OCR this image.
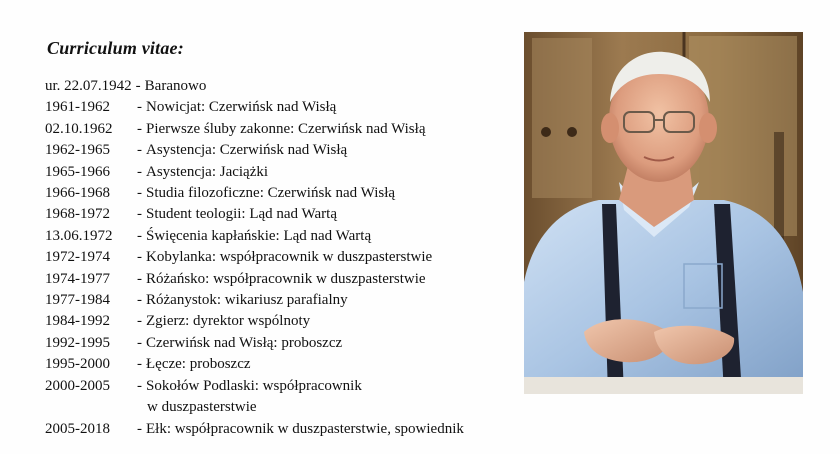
Curriculum vitae:
ur. 22.07.1942 - Baranowo
1961-1962	- Nowicjat: Czerwińsk nad Wisłą
02.10.1962	- Pierwsze śluby zakonne: Czerwińsk nad Wisłą
1962-1965	- Asystencja: Czerwińsk nad Wisłą
1965-1966	- Asystencja: Jaciążki
1966-1968	- Studia filozoficzne: Czerwińsk nad Wisłą
1968-1972	- Student teologii: Ląd nad Wartą
13.06.1972	- Święcenia kapłańskie: Ląd nad Wartą
1972-1974	- Kobylanka: współpracownik w duszpasterstwie
1974-1977	- Różańsko: współpracownik w duszpasterstwie
1977-1984	- Różanystok: wikariusz parafialny
1984-1992	- Zgierz: dyrektor wspólnoty
1992-1995	- Czerwińsk nad Wisłą: proboszcz
1995-2000	- Łęcze: proboszcz
2000-2005	- Sokołów Podlaski: współpracownik
w duszpasterstwie
2005-2018	- Ełk: współpracownik w duszpasterstwie, spowiednik
